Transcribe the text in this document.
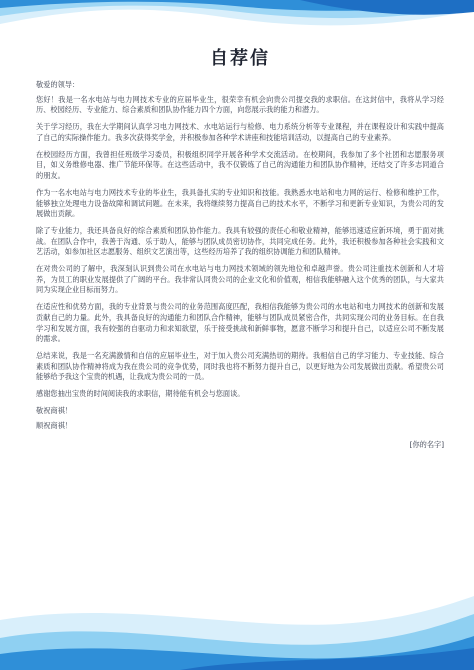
自荐信
敬爱的领导：

您好！我是一名水电站与电力网技术专业的应届毕业生，很荣幸有机会向贵公司提交我的求职信。在这封信中，我将从学习经历、校园经历、专业能力、综合素质和团队协作能力四个方面，向您展示我的能力和潜力。

关于学习经历，我在大学期间认真学习电力网技术、水电站运行与检修、电力系统分析等专业课程，并在课程设计和实践中提高了自己的实际操作能力。我多次获得奖学金，并积极参加各种学术讲座和技能培训活动，以提高自己的专业素养。

在校园经历方面，我曾担任班级学习委员，积极组织同学开展各种学术交流活动。在校期间，我参加了多个社团和志愿服务项目，如义务维修电器、推广节能环保等。在这些活动中，我不仅锻炼了自己的沟通能力和团队协作精神，还结交了许多志同道合的朋友。

作为一名水电站与电力网技术专业的毕业生，我具备扎实的专业知识和技能。我熟悉水电站和电力网的运行、检修和维护工作，能够独立处理电力设备故障和调试问题。在未来，我将继续努力提高自己的技术水平，不断学习和更新专业知识，为贵公司的发展做出贡献。

除了专业能力，我还具备良好的综合素质和团队协作能力。我具有较强的责任心和敬业精神，能够迅速适应新环境，勇于面对挑战。在团队合作中，我善于沟通、乐于助人，能够与团队成员密切协作，共同完成任务。此外，我还积极参加各种社会实践和文艺活动，如参加社区志愿服务、组织文艺演出等，这些经历培养了我的组织协调能力和团队精神。

在对贵公司的了解中，我深刻认识到贵公司在水电站与电力网技术领域的领先地位和卓越声誉。贵公司注重技术创新和人才培养，为员工的职业发展提供了广阔的平台。我非常认同贵公司的企业文化和价值观，相信我能够融入这个优秀的团队，与大家共同为实现企业目标而努力。

在适应性和优势方面，我的专业背景与贵公司的业务范围高度匹配，我相信我能够为贵公司的水电站和电力网技术的创新和发展贡献自己的力量。此外，我具备良好的沟通能力和团队合作精神，能够与团队成员紧密合作，共同实现公司的业务目标。在自我学习和发展方面，我有较强的自驱动力和求知欲望，乐于接受挑战和新鲜事物，愿意不断学习和提升自己，以适应公司不断发展的需求。

总结来说，我是一名充满激情和自信的应届毕业生，对于加入贵公司充满热切的期待。我相信自己的学习能力、专业技能、综合素质和团队协作精神将成为我在贵公司的竞争优势，同时我也将不断努力提升自己，以更好地为公司发展做出贡献。希望贵公司能够给予我这个宝贵的机遇，让我成为贵公司的一员。

感谢您抽出宝贵的时间阅读我的求职信，期待能有机会与您面谈。

敬祝商祺！
顺祝商祺！
[你的名字]
